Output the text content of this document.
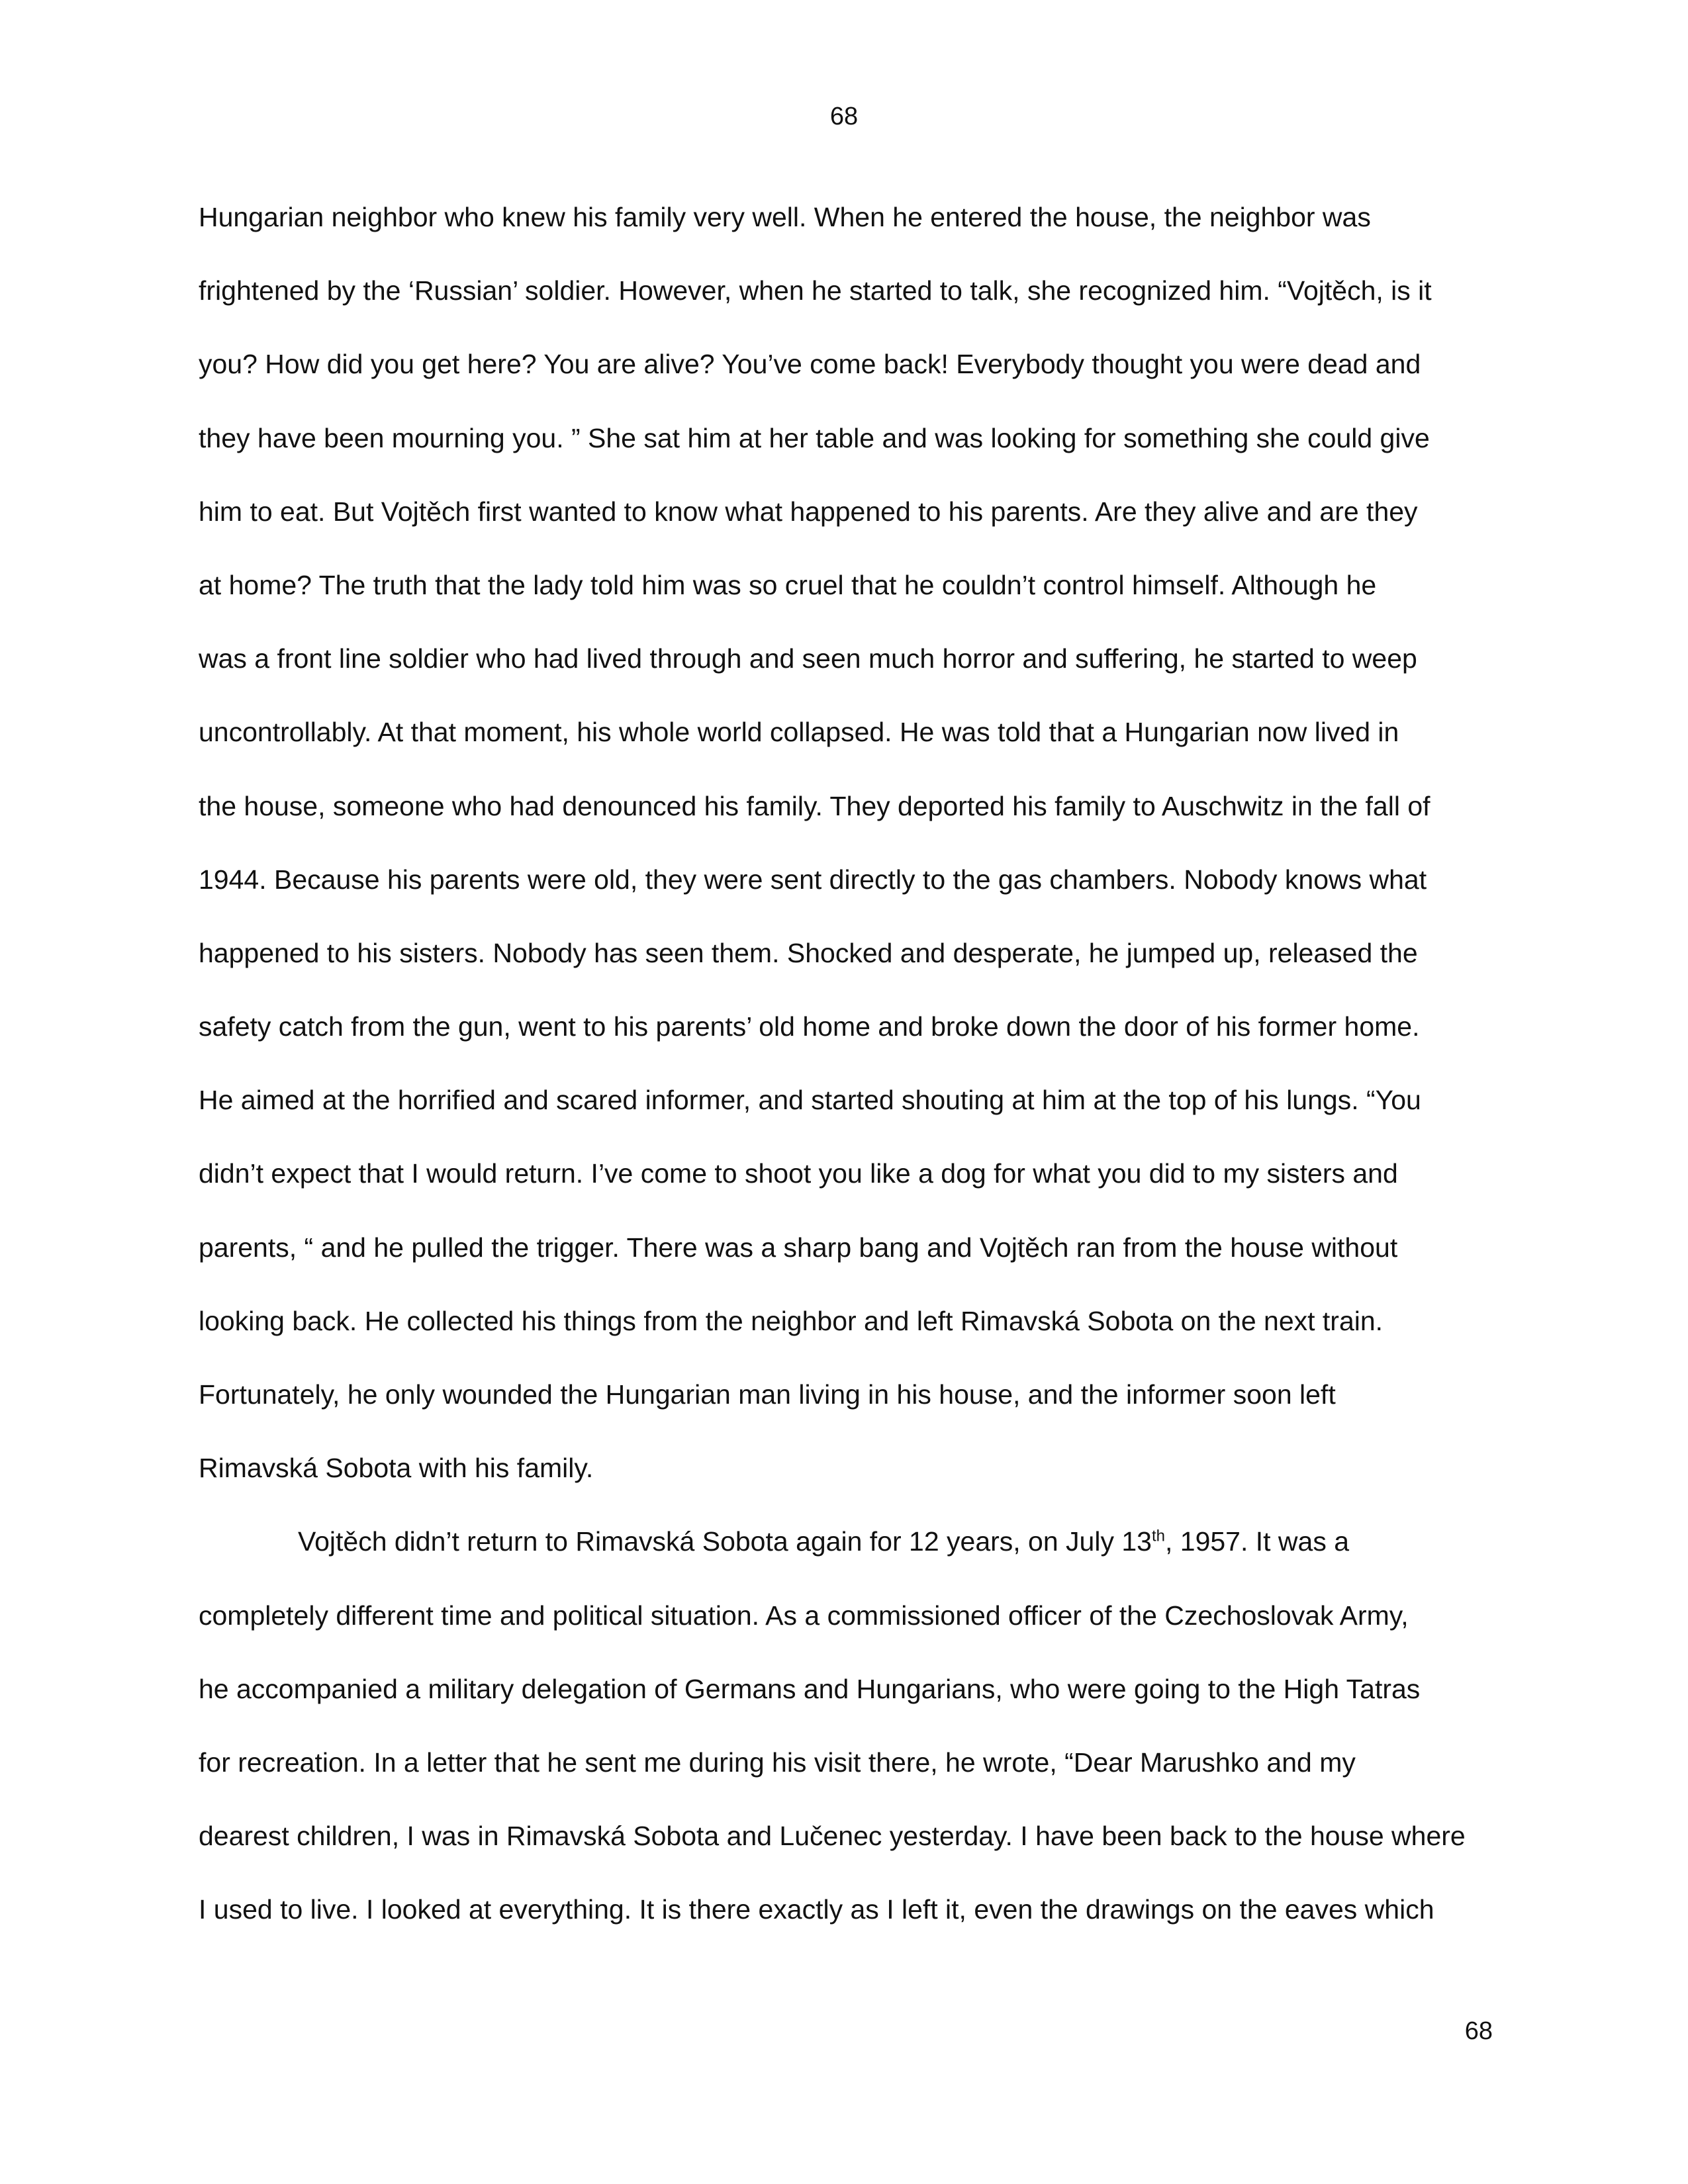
68
Hungarian neighbor who knew his family very well. When he entered the house, the neighbor was
frightened by the ‘Russian’ soldier. However, when he started to talk, she recognized him. “Vojtěch, is it
you? How did you get here? You are alive? You’ve come back! Everybody thought you were dead and
they have been mourning you. ” She sat him at her table and was looking for something she could give
him to eat. But Vojtěch first wanted to know what happened to his parents. Are they alive and are they
at home? The truth that the lady told him was so cruel that he couldn’t control himself. Although he
was a front line soldier who had lived through and seen much horror and suffering, he started to weep
uncontrollably. At that moment, his whole world collapsed. He was told that a Hungarian now lived in
the house, someone who had denounced his family. They deported his family to Auschwitz in the fall of
1944. Because his parents were old, they were sent directly to the gas chambers. Nobody knows what
happened to his sisters. Nobody has seen them. Shocked and desperate, he jumped up, released the
safety catch from the gun, went to his parents’ old home and broke down the door of his former home.
He aimed at the horrified and scared informer, and started shouting at him at the top of his lungs. “You
didn’t expect that I would return. I’ve come to shoot you like a dog for what you did to my sisters and
parents, “ and he pulled the trigger. There was a sharp bang and Vojtěch ran from the house without
looking back. He collected his things from the neighbor and left Rimavská Sobota on the next train.
Fortunately, he only wounded the Hungarian man living in his house, and the informer soon left
Rimavská Sobota with his family.
Vojtěch didn’t return to Rimavská Sobota again for 12 years, on July 13th, 1957. It was a
completely different time and political situation. As a commissioned officer of the Czechoslovak Army,
he accompanied a military delegation of Germans and Hungarians, who were going to the High Tatras
for recreation. In a letter that he sent me during his visit there, he wrote, “Dear Marushko and my
dearest children, I was in Rimavská Sobota and Lučenec yesterday. I have been back to the house where
I used to live. I looked at everything. It is there exactly as I left it, even the drawings on the eaves which
68
